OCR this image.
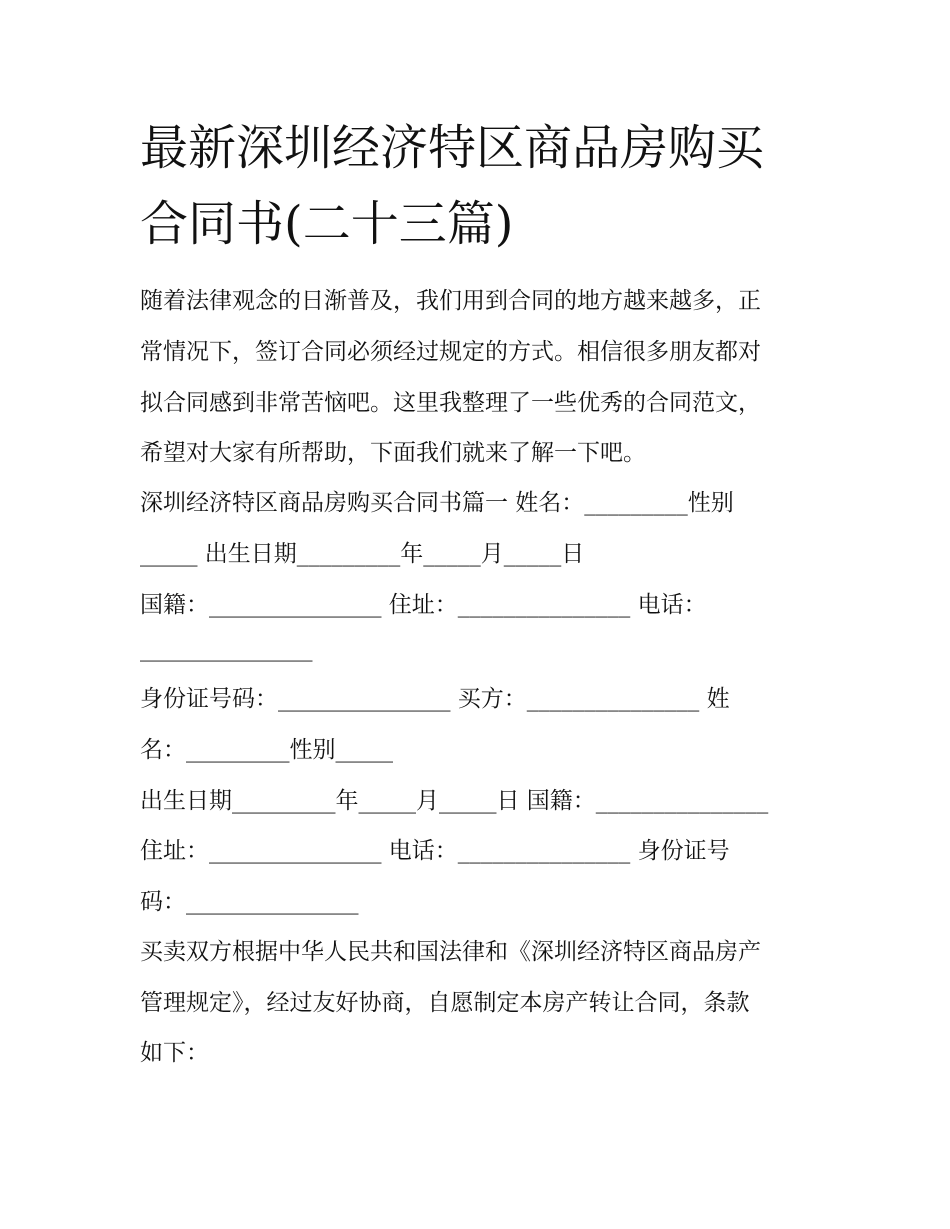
最新深圳经济特区商品房购买
合同书(二十三篇)

随着法律观念的日渐普及，我们用到合同的地方越来越多，正

常情况下，签订合同必须经过规定的方式。相信很多朋友都对

拟合同感到非常苦恼吧。这里我整理了一些优秀的合同范文，

希望对大家有所帮助，下面我们就来了解一下吧。

深圳经济特区商品房购买合同书篇一 姓名：_________性别

_____ 出生日期_________年_____月_____日

国籍：_______________ 住址：_______________ 电话：

_______________

身份证号码：_______________ 买方：_______________ 姓

名：_________性别_____

出生日期_________年_____月_____日 国籍：_______________

住址：_______________ 电话：_______________ 身份证号

码：_______________

买卖双方根据中华人民共和国法律和《深圳经济特区商品房产

管理规定》，经过友好协商，自愿制定本房产转让合同，条款

如下：
